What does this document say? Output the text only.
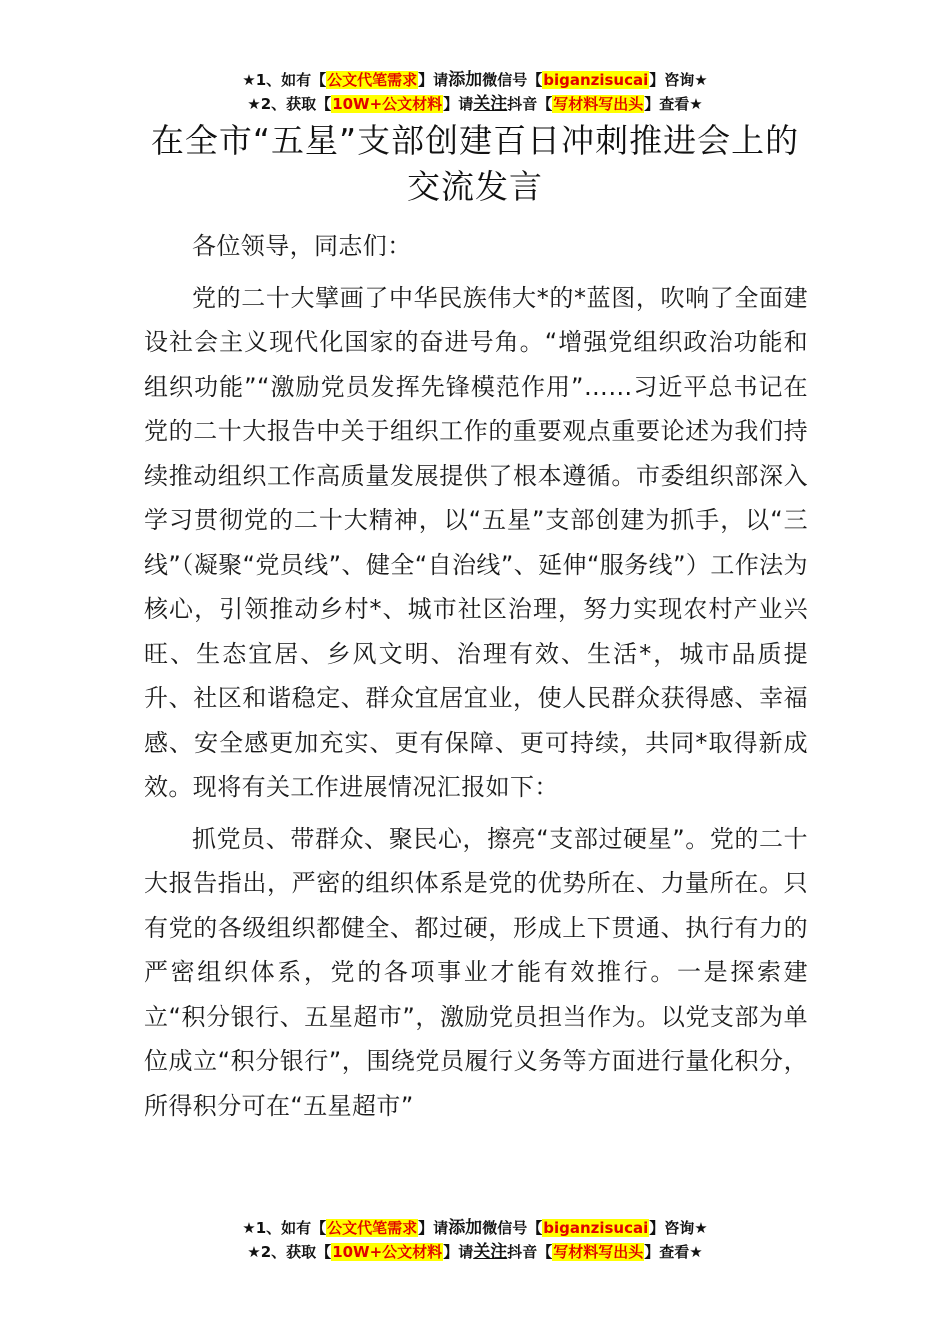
★1、如有【公文代笔需求】请添加微信号【biganzisucai】咨询★
★2、获取【10W+公文材料】请关注抖音【写材料写出头】查看★
在全市“五星”支部创建百日冲刺推进会上的交流发言

各位领导，同志们：

党的二十大擘画了中华民族伟大*的*蓝图，吹响了全面建设社会主义现代化国家的奋进号角。“增强党组织政治功能和组织功能”“激励党员发挥先锋模范作用”……习近平总书记在党的二十大报告中关于组织工作的重要观点重要论述为我们持续推动组织工作高质量发展提供了根本遵循。市委组织部深入学习贯彻党的二十大精神，以“五星”支部创建为抓手，以“三线”（凝聚“党员线”、健全“自治线”、延伸“服务线”）工作法为核心，引领推动乡村*、城市社区治理，努力实现农村产业兴旺、生态宜居、乡风文明、治理有效、生活*，城市品质提升、社区和谐稳定、群众宜居宜业，使人民群众获得感、幸福感、安全感更加充实、更有保障、更可持续，共同*取得新成效。现将有关工作进展情况汇报如下：

抓党员、带群众、聚民心，擦亮“支部过硬星”。党的二十大报告指出，严密的组织体系是党的优势所在、力量所在。只有党的各级组织都健全、都过硬，形成上下贯通、执行有力的严密组织体系，党的各项事业才能有效推行。一是探索建立“积分银行、五星超市”，激励党员担当作为。以党支部为单位成立“积分银行”，围绕党员履行义务等方面进行量化积分，所得积分可在“五星超市”

★1、如有【公文代笔需求】请添加微信号【biganzisucai】咨询★
★2、获取【10W+公文材料】请关注抖音【写材料写出头】查看★
